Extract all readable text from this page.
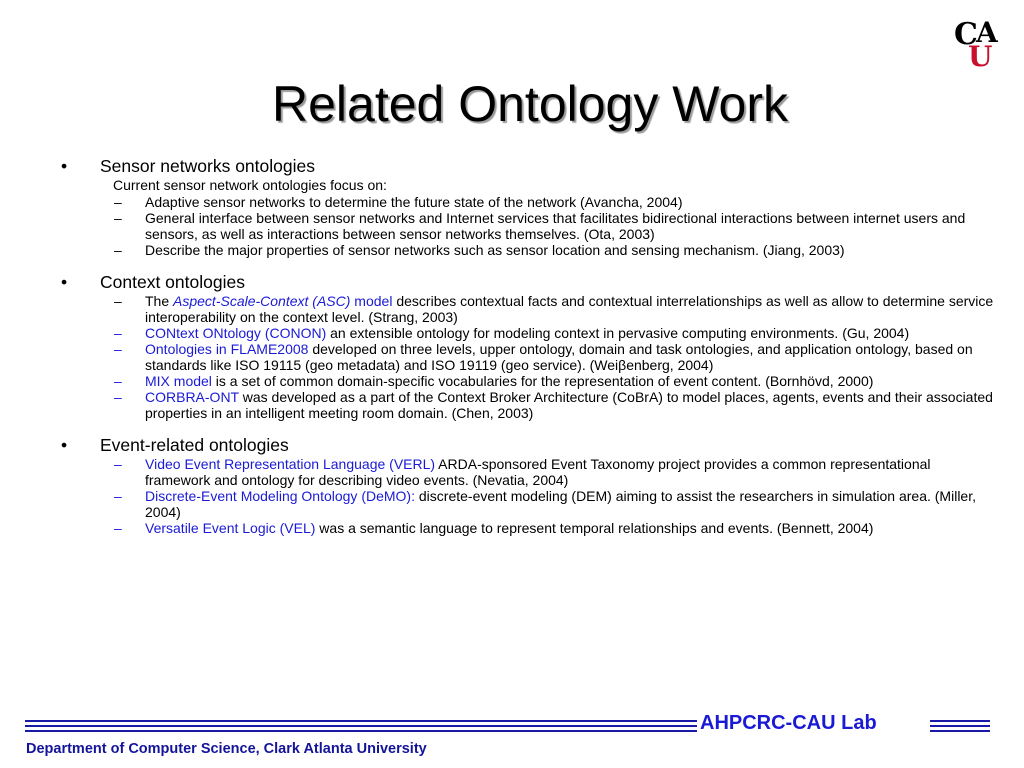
C
A
U
Related Ontology Work
• Sensor networks ontologies
Current sensor network ontologies focus on:
– Adaptive sensor networks to determine the future state of the network (Avancha, 2004)
– General interface between sensor networks and Internet services that facilitates bidirectional interactions between internet users and sensors, as well as interactions between sensor networks themselves. (Ota, 2003)
– Describe the major properties of sensor networks such as sensor location and sensing mechanism. (Jiang, 2003)
• Context ontologies
– The Aspect-Scale-Context (ASC) model describes contextual facts and contextual interrelationships as well as allow to determine service interoperability on the context level. (Strang, 2003)
– CONtext ONtology (CONON) an extensible ontology for modeling context in pervasive computing environments. (Gu, 2004)
– Ontologies in FLAME2008 developed on three levels, upper ontology, domain and task ontologies, and application ontology, based on standards like ISO 19115 (geo metadata) and ISO 19119 (geo service). (Weiβenberg, 2004)
– MIX model is a set of common domain-specific vocabularies for the representation of event content. (Bornhövd, 2000)
– CORBRA-ONT was developed as a part of the Context Broker Architecture (CoBrA) to model places, agents, events and their associated properties in an intelligent meeting room domain. (Chen, 2003)
• Event-related ontologies
– Video Event Representation Language (VERL) ARDA-sponsored Event Taxonomy project provides a common representational framework and ontology for describing video events. (Nevatia, 2004)
– Discrete-Event Modeling Ontology (DeMO): discrete-event modeling (DEM) aiming to assist the researchers in simulation area. (Miller, 2004)
– Versatile Event Logic (VEL) was a semantic language to represent temporal relationships and events. (Bennett, 2004)
AHPCRC-CAU Lab
Department of Computer Science, Clark Atlanta University
